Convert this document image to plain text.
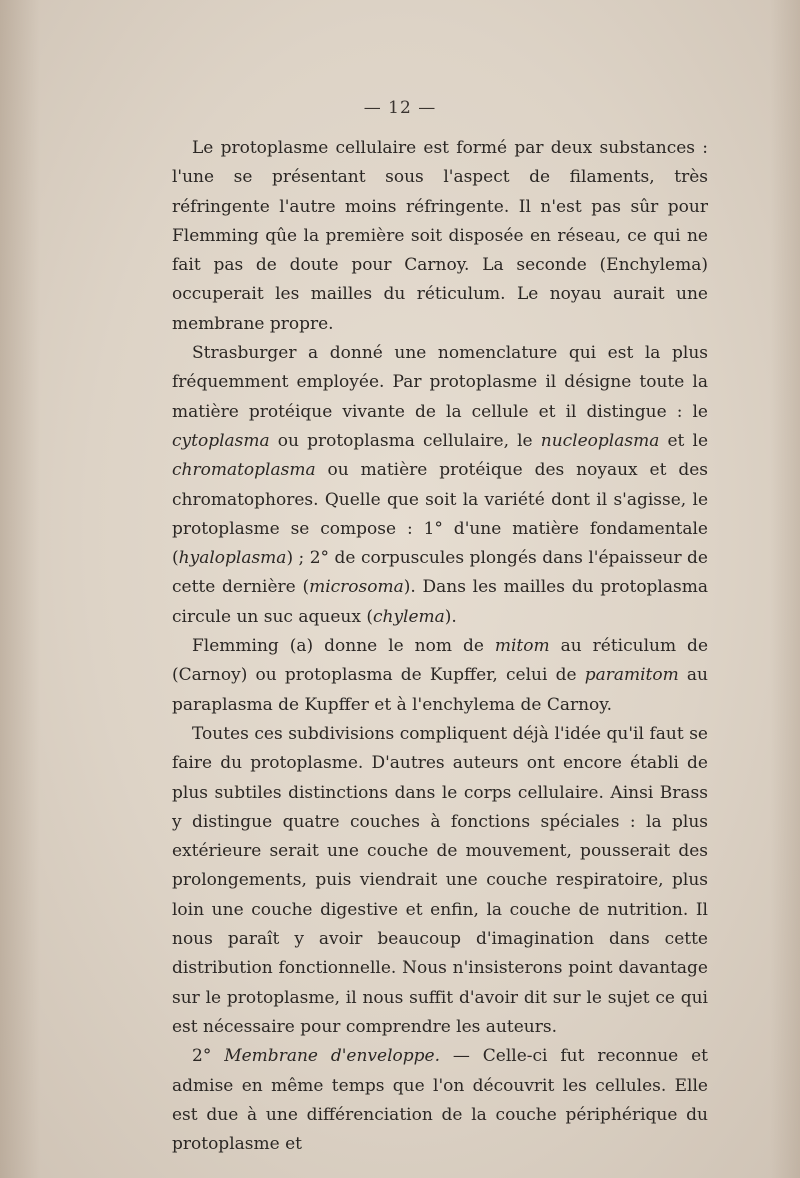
— 12 —

Le protoplasme cellulaire est formé par deux substances : l'une se présentant sous l'aspect de filaments, très réfringente l'autre moins réfringente. Il n'est pas sûr pour Flemming qûe la première soit disposée en réseau, ce qui ne fait pas de doute pour Carnoy. La seconde (Enchylema) occuperait les mailles du réticulum. Le noyau aurait une membrane propre.

Strasburger a donné une nomenclature qui est la plus fréquemment employée. Par protoplasme il désigne toute la matière protéique vivante de la cellule et il distingue : le cytoplasma ou protoplasma cellulaire, le nucleoplasma et le chromatoplasma ou matière protéique des noyaux et des chromatophores. Quelle que soit la variété dont il s'agisse, le protoplasme se compose : 1° d'une matière fondamentale (hyaloplasma) ; 2° de corpuscules plongés dans l'épaisseur de cette dernière (microsoma). Dans les mailles du protoplasma circule un suc aqueux (chylema).

Flemming (a) donne le nom de mitom au réticulum de (Carnoy) ou protoplasma de Kupffer, celui de paramitom au paraplasma de Kupffer et à l'enchylema de Carnoy.

Toutes ces subdivisions compliquent déjà l'idée qu'il faut se faire du protoplasme. D'autres auteurs ont encore établi de plus subtiles distinctions dans le corps cellulaire. Ainsi Brass y distingue quatre couches à fonctions spéciales : la plus extérieure serait une couche de mouvement, pousserait des prolongements, puis viendrait une couche respiratoire, plus loin une couche digestive et enfin, la couche de nutrition. Il nous paraît y avoir beaucoup d'imagination dans cette distribution fonctionnelle. Nous n'insisterons point davantage sur le protoplasme, il nous suffit d'avoir dit sur le sujet ce qui est nécessaire pour comprendre les auteurs.

2° Membrane d'enveloppe. — Celle-ci fut reconnue et admise en même temps que l'on découvrit les cellules. Elle est due à une différenciation de la couche périphérique du protoplasme et
